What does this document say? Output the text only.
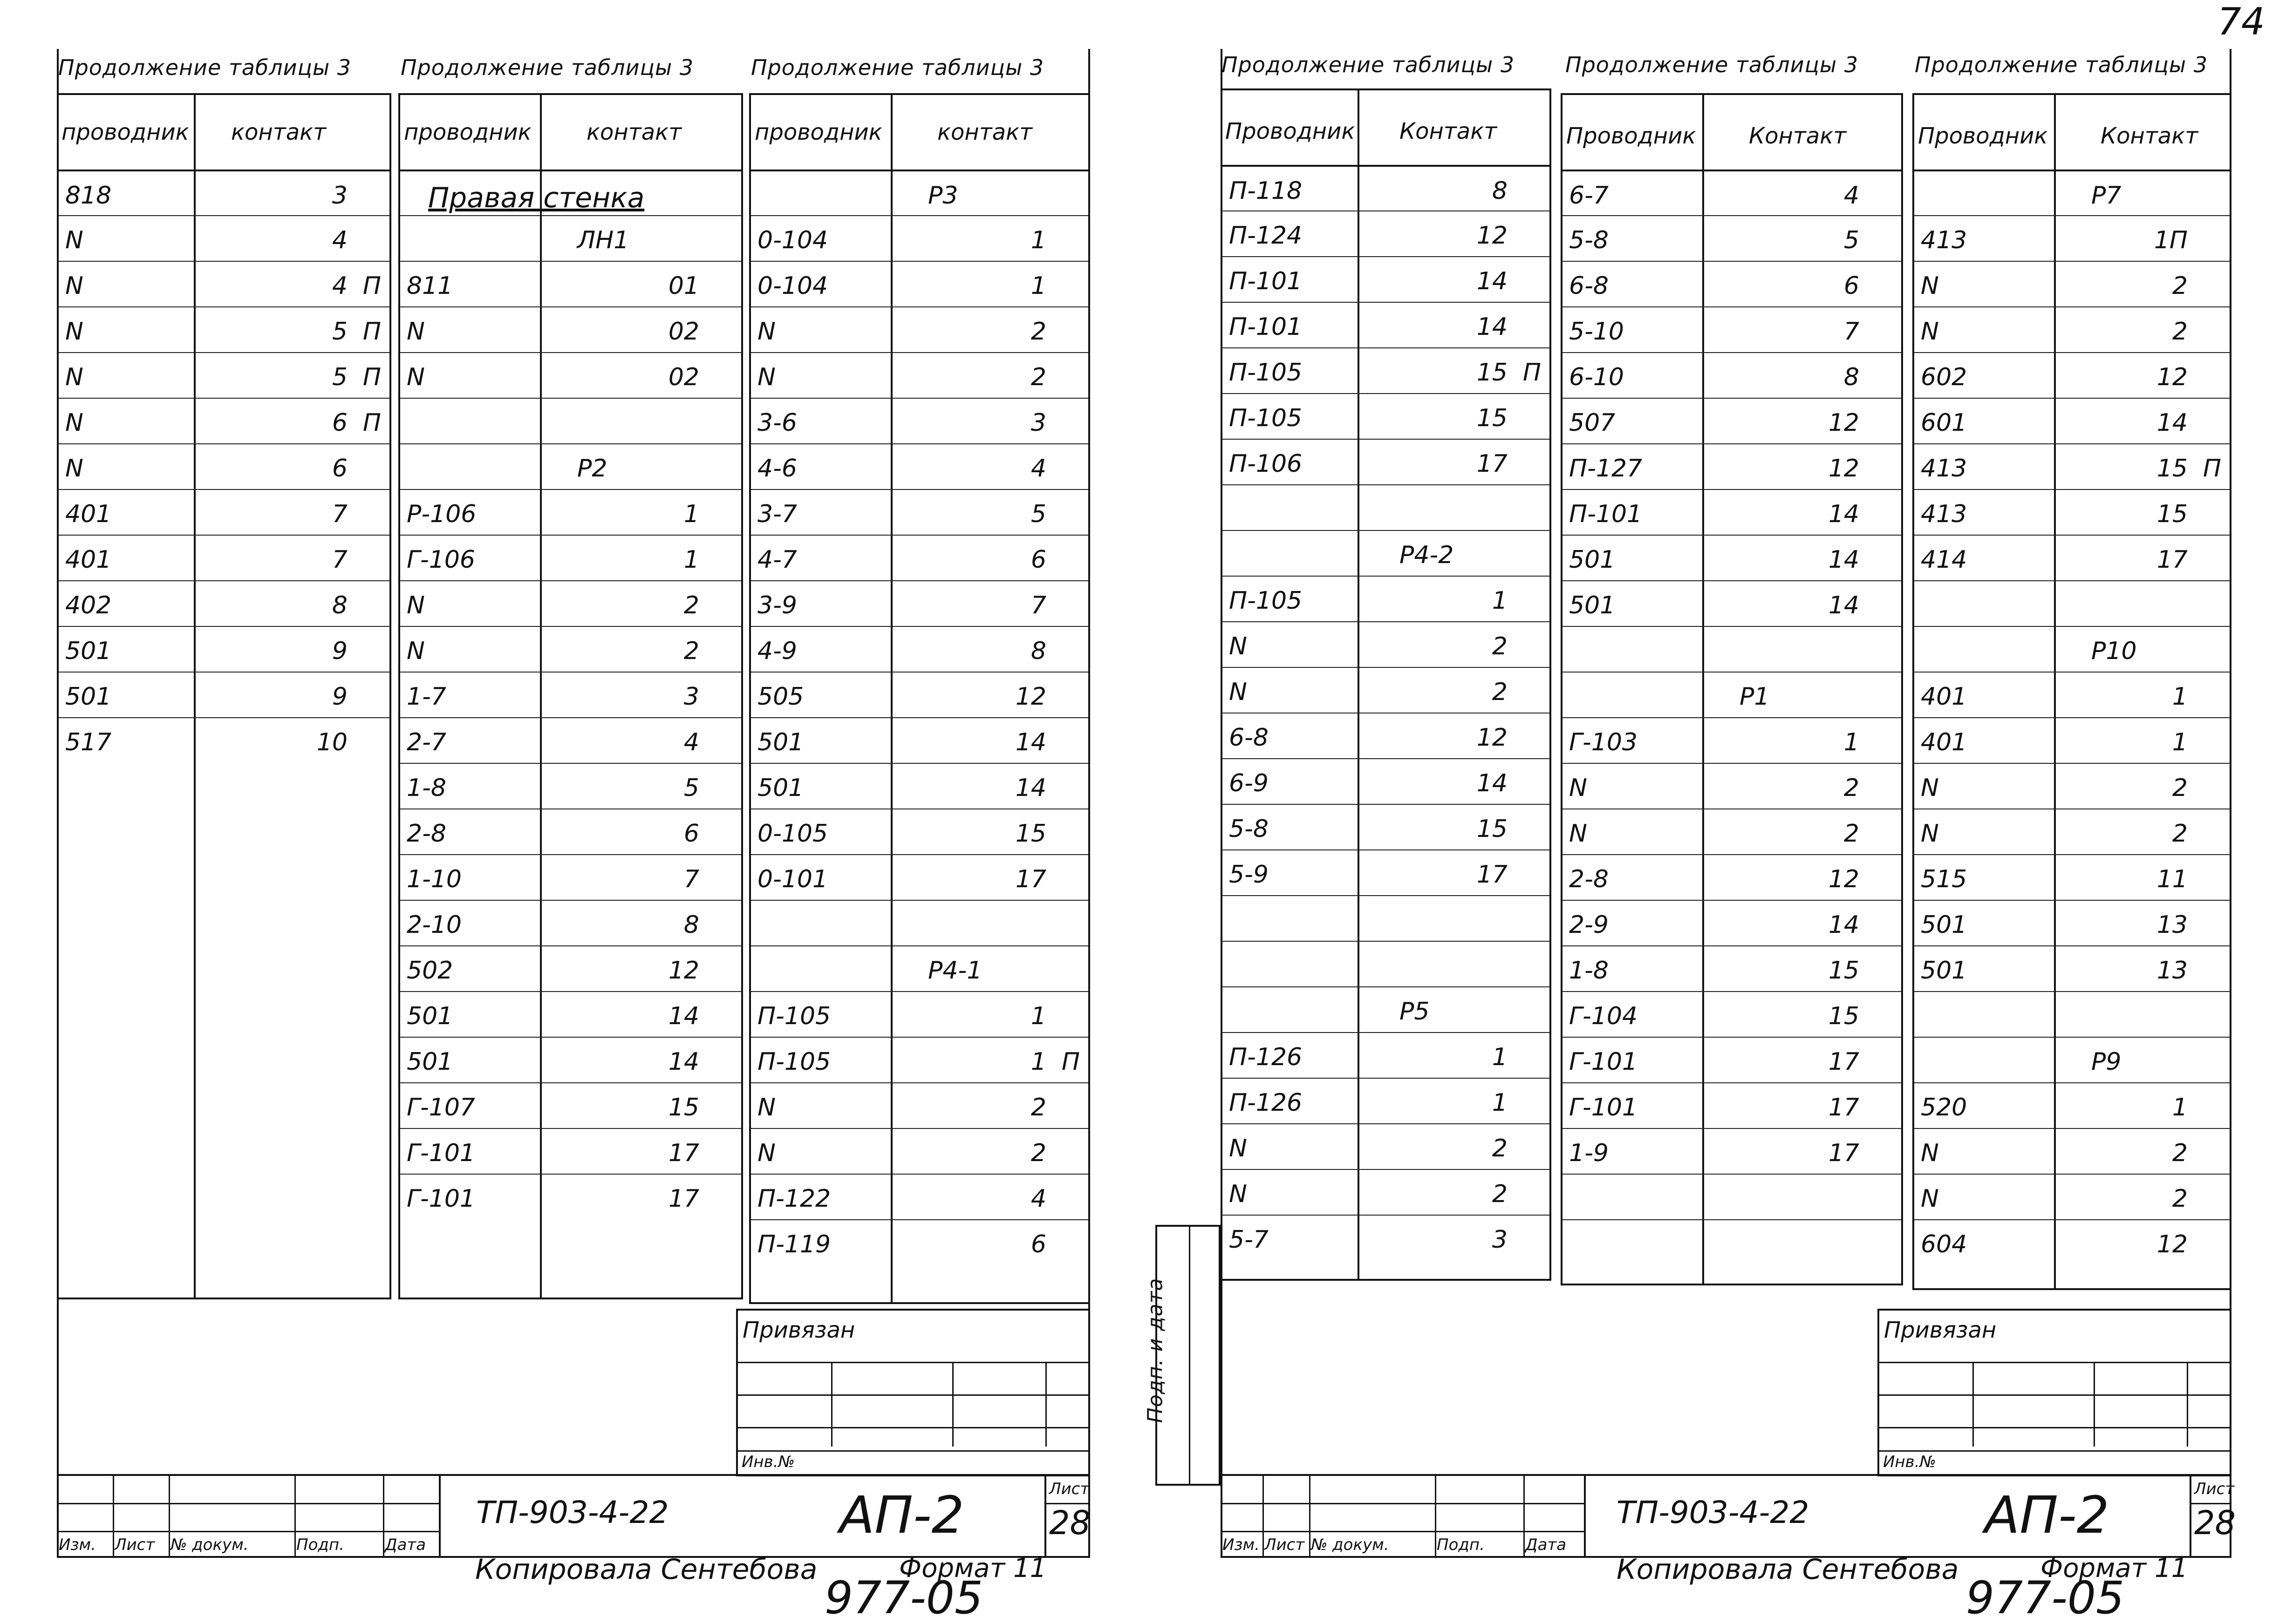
74
Продолжение таблицы 3
проводник контакт
818	3
N	4
N	4 П
N	5 П
N	5 П
N	6 П
N	6
401	7
401	7
402	8
501	9
501	9
517	10
Продолжение таблицы 3
проводник контакт
Правая стенка
ЛН1
811	01
N	02
N	02
Р2
Р-106	1
Г-106	1
N	2
N	2
1-7	3
2-7	4
1-8	5
2-8	6
1-10	7
2-10	8
502	12
501	14
501	14
Г-107	15
Г-101	17
Г-101	17
Продолжение таблицы 3
проводник контакт
Р3
0-104	1
0-104	1
N	2
N	2
3-6	3
4-6	4
3-7	5
4-7	6
3-9	7
4-9	8
505	12
501	14
501	14
0-105	15
0-101	17
Р4-1
П-105	1
П-105	1 П
N	2
N	2
П-122	4
П-119	6
Привязан
Инв.№
Изм. Лист № докум.	Подп.	Дата
ТП-903-4-22	АП-2	Лист
28
Копировала Сентебова	Формат 11
977-05
Подп. и дата
Продолжение таблицы 3
Проводник Контакт
П-118	8
П-124	12
П-101	14
П-101	14
П-105	15 П
П-105	15
П-106	17
Р4-2
П-105	1
N	2
N	2
6-8	12
6-9	14
5-8	15
5-9	17
Р5
П-126	1
П-126	1
N	2
N	2
5-7	3
Продолжение таблицы 3
Проводник Контакт
6-7	4
5-8	5
6-8	6
5-10	7
6-10	8
507	12
П-127	12
П-101	14
501	14
501	14
Р1
Г-103	1
N	2
N	2
2-8	12
2-9	14
1-8	15
Г-104	15
Г-101	17
Г-101	17
1-9	17
Продолжение таблицы 3
Проводник Контакт
Р7
413	1П
N	2
N	2
602	12
601	14
413	15 П
413	15
414	17
Р10
401	1
401	1
N	2
N	2
515	11
501	13
501	13
Р9
520	1
N	2
N	2
604	12
Привязан
Инв.№
Изм. Лист № докум.	Подп.	Дата
ТП-903-4-22	АП-2	Лист
28
Копировала Сентебова	Формат 11
977-05
